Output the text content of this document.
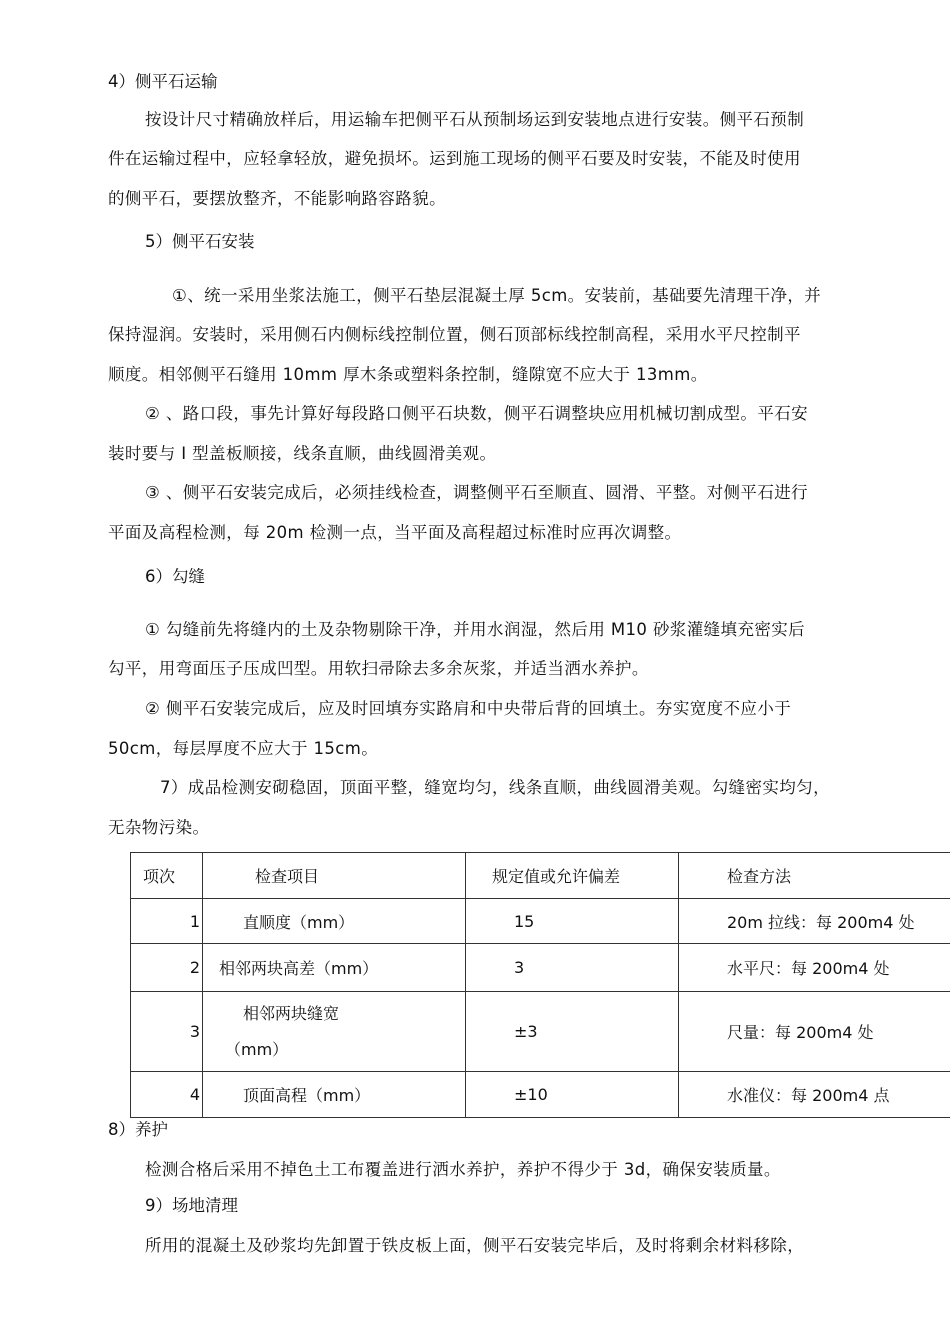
4）侧平石运输
按设计尺寸精确放样后，用运输车把侧平石从预制场运到安装地点进行安装。侧平石预制
件在运输过程中，应轻拿轻放，避免损坏。运到施工现场的侧平石要及时安装，不能及时使用
的侧平石，要摆放整齐，不能影响路容路貌。
5）侧平石安装
①、统一采用坐浆法施工，侧平石垫层混凝土厚 5cm。安装前，基础要先清理干净，并
保持湿润。安装时，采用侧石内侧标线控制位置，侧石顶部标线控制高程，采用水平尺控制平
顺度。相邻侧平石缝用 10mm 厚木条或塑料条控制，缝隙宽不应大于 13mm。
② 、路口段，事先计算好每段路口侧平石块数，侧平石调整块应用机械切割成型。平石安
装时要与 I 型盖板顺接，线条直顺，曲线圆滑美观。
③ 、侧平石安装完成后，必须挂线检查，调整侧平石至顺直、圆滑、平整。对侧平石进行
平面及高程检测，每 20m 检测一点，当平面及高程超过标准时应再次调整。
6）勾缝
① 勾缝前先将缝内的土及杂物剔除干净，并用水润湿，然后用 M10 砂浆灌缝填充密实后
勾平，用弯面压子压成凹型。用软扫帚除去多余灰浆，并适当洒水养护。
② 侧平石安装完成后，应及时回填夯实路肩和中央带后背的回填土。夯实宽度不应小于
50cm，每层厚度不应大于 15cm。
7）成品检测安砌稳固，顶面平整，缝宽均匀，线条直顺，曲线圆滑美观。勾缝密实均匀，
无杂物污染。
项次	检查项目	规定值或允许偏差	检查方法
1	直顺度（mm）	15	20m 拉线：每 200m4 处
2	相邻两块高差（mm）	3	水平尺：每 200m4 处
3	相邻两块缝宽
（mm）	±3	尺量：每 200m4 处
4	顶面高程（mm）	±10	水准仪：每 200m4 点
8）养护
检测合格后采用不掉色土工布覆盖进行洒水养护，养护不得少于 3d，确保安装质量。
9）场地清理
所用的混凝土及砂浆均先卸置于铁皮板上面，侧平石安装完毕后，及时将剩余材料移除，
